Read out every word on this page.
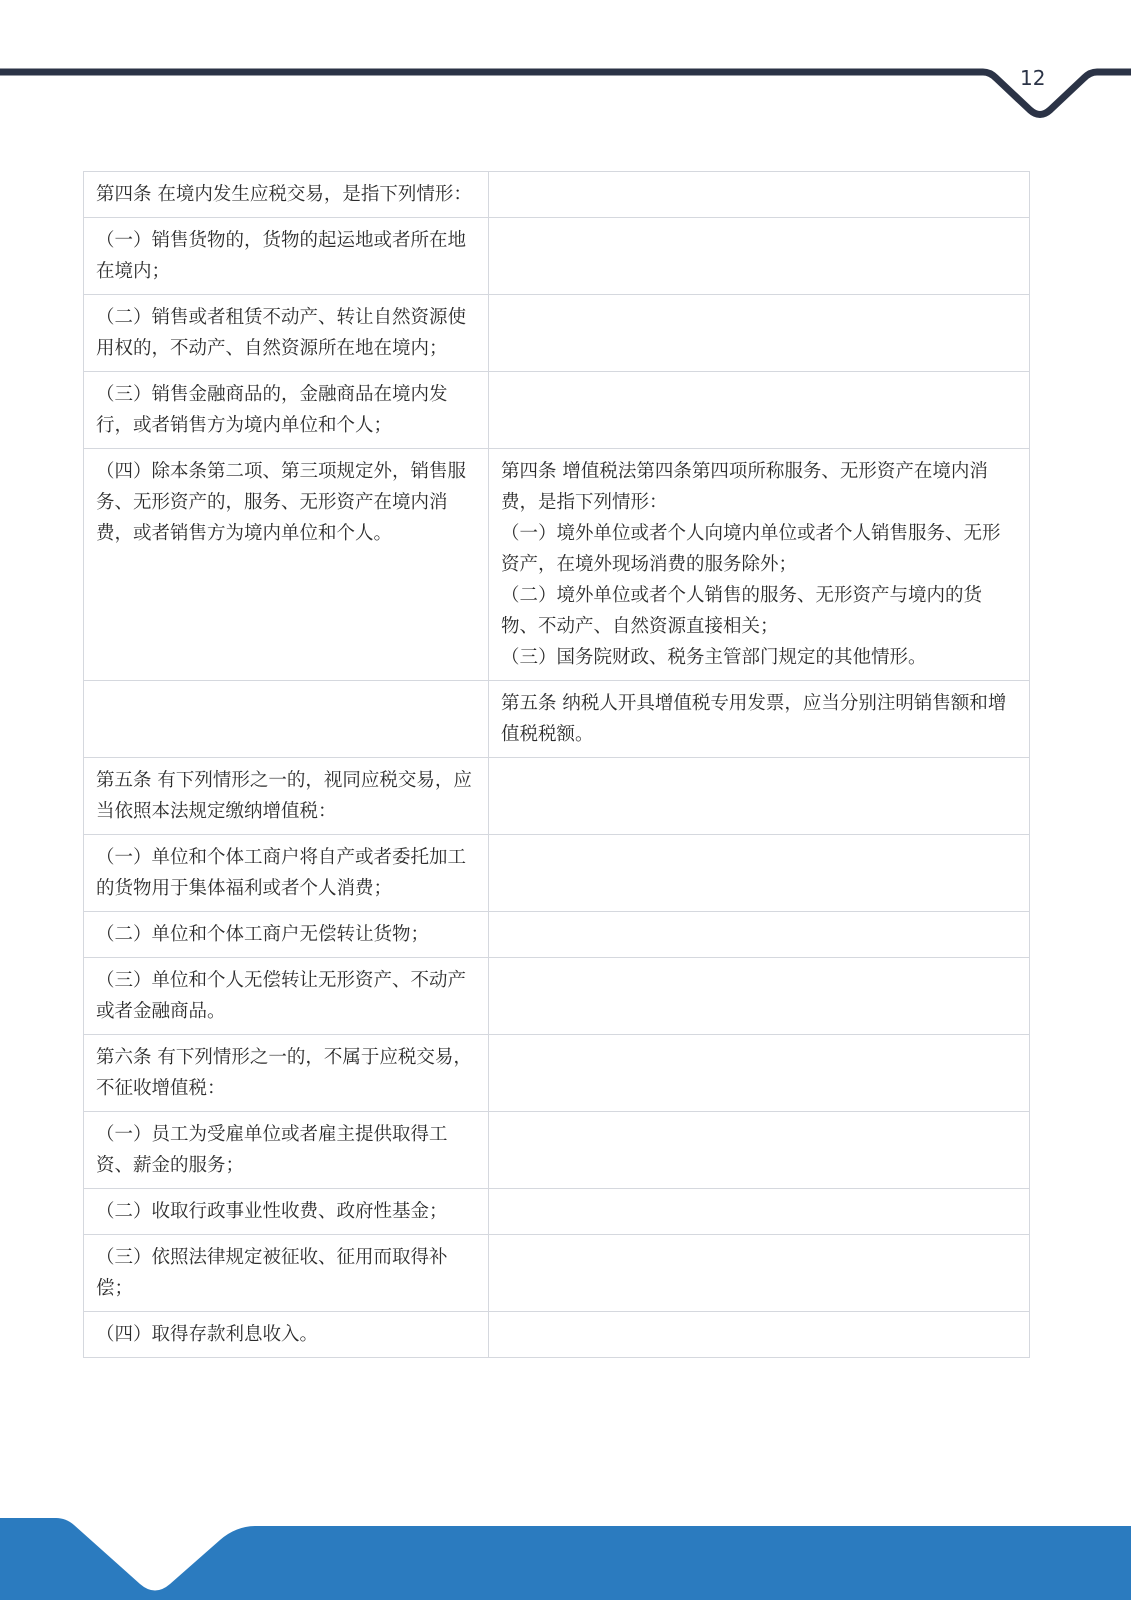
12
第四条 在境内发生应税交易，是指下列情形：	

（一）销售货物的，货物的起运地或者所在地在境内；	

（二）销售或者租赁不动产、转让自然资源使用权的，不动产、自然资源所在地在境内；	

（三）销售金融商品的，金融商品在境内发行，或者销售方为境内单位和个人；	

（四）除本条第二项、第三项规定外，销售服务、无形资产的，服务、无形资产在境内消费，或者销售方为境内单位和个人。	第四条 增值税法第四条第四项所称服务、无形资产在境内消费，是指下列情形：
（一）境外单位或者个人向境内单位或者个人销售服务、无形资产，在境外现场消费的服务除外；
（二）境外单位或者个人销售的服务、无形资产与境内的货物、不动产、自然资源直接相关；
（三）国务院财政、税务主管部门规定的其他情形。

	第五条 纳税人开具增值税专用发票，应当分别注明销售额和增值税税额。

第五条 有下列情形之一的，视同应税交易，应当依照本法规定缴纳增值税：	

（一）单位和个体工商户将自产或者委托加工的货物用于集体福利或者个人消费；	

（二）单位和个体工商户无偿转让货物；	

（三）单位和个人无偿转让无形资产、不动产或者金融商品。	

第六条 有下列情形之一的，不属于应税交易，不征收增值税：	

（一）员工为受雇单位或者雇主提供取得工资、薪金的服务；	

（二）收取行政事业性收费、政府性基金；	

（三）依照法律规定被征收、征用而取得补偿；	

（四）取得存款利息收入。	
